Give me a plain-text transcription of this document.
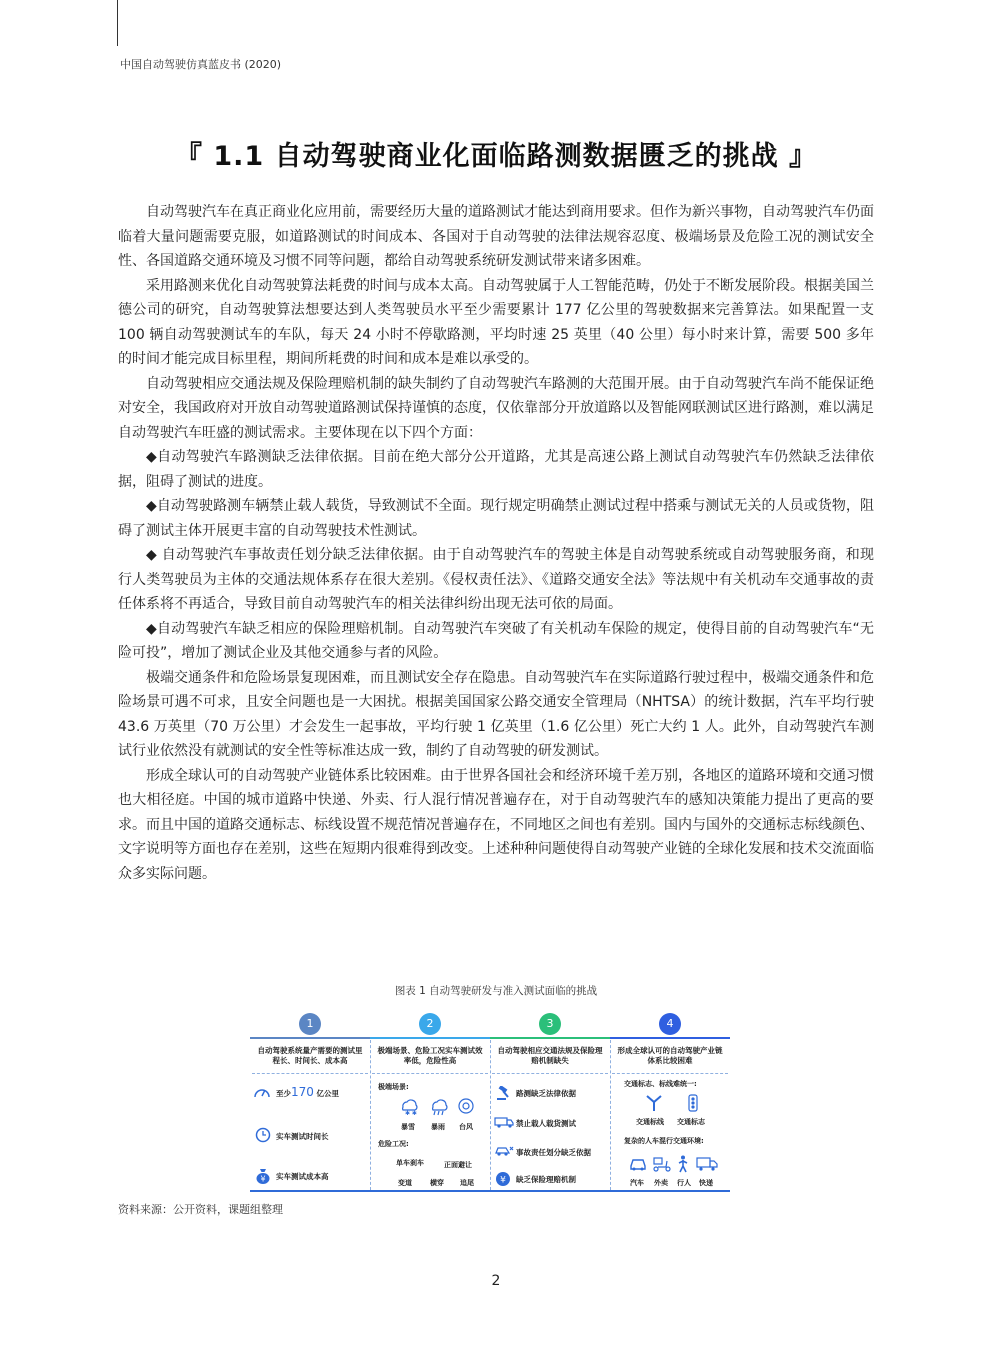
中国自动驾驶仿真蓝皮书 (2020)
『 1.1 自动驾驶商业化面临路测数据匮乏的挑战 』

自动驾驶汽车在真正商业化应用前，需要经历大量的道路测试才能达到商用要求。但作为新兴事物，自动驾驶汽车仍面临着大量问题需要克服，如道路测试的时间成本、各国对于自动驾驶的法律法规容忍度、极端场景及危险工况的测试安全性、各国道路交通环境及习惯不同等问题，都给自动驾驶系统研发测试带来诸多困难。

采用路测来优化自动驾驶算法耗费的时间与成本太高。自动驾驶属于人工智能范畴，仍处于不断发展阶段。根据美国兰德公司的研究，自动驾驶算法想要达到人类驾驶员水平至少需要累计 177 亿公里的驾驶数据来完善算法。如果配置一支 100 辆自动驾驶测试车的车队，每天 24 小时不停歇路测，平均时速 25 英里（40 公里）每小时来计算，需要 500 多年的时间才能完成目标里程，期间所耗费的时间和成本是难以承受的。

自动驾驶相应交通法规及保险理赔机制的缺失制约了自动驾驶汽车路测的大范围开展。由于自动驾驶汽车尚不能保证绝对安全，我国政府对开放自动驾驶道路测试保持谨慎的态度，仅依靠部分开放道路以及智能网联测试区进行路测，难以满足自动驾驶汽车旺盛的测试需求。主要体现在以下四个方面：

◆自动驾驶汽车路测缺乏法律依据。目前在绝大部分公开道路，尤其是高速公路上测试自动驾驶汽车仍然缺乏法律依据，阻碍了测试的进度。

◆自动驾驶路测车辆禁止载人载货，导致测试不全面。现行规定明确禁止测试过程中搭乘与测试无关的人员或货物，阻碍了测试主体开展更丰富的自动驾驶技术性测试。

◆ 自动驾驶汽车事故责任划分缺乏法律依据。由于自动驾驶汽车的驾驶主体是自动驾驶系统或自动驾驶服务商，和现行人类驾驶员为主体的交通法规体系存在很大差别。《侵权责任法》、《道路交通安全法》等法规中有关机动车交通事故的责任体系将不再适合，导致目前自动驾驶汽车的相关法律纠纷出现无法可依的局面。

◆自动驾驶汽车缺乏相应的保险理赔机制。自动驾驶汽车突破了有关机动车保险的规定，使得目前的自动驾驶汽车“无险可投”，增加了测试企业及其他交通参与者的风险。

极端交通条件和危险场景复现困难，而且测试安全存在隐患。自动驾驶汽车在实际道路行驶过程中，极端交通条件和危险场景可遇不可求，且安全问题也是一大困扰。根据美国国家公路交通安全管理局（NHTSA）的统计数据，汽车平均行驶 43.6 万英里（70 万公里）才会发生一起事故，平均行驶 1 亿英里（1.6 亿公里）死亡大约 1 人。此外，自动驾驶汽车测试行业依然没有就测试的安全性等标准达成一致，制约了自动驾驶的研发测试。

形成全球认可的自动驾驶产业链体系比较困难。由于世界各国社会和经济环境千差万别，各地区的道路环境和交通习惯也大相径庭。中国的城市道路中快递、外卖、行人混行情况普遍存在，对于自动驾驶汽车的感知决策能力提出了更高的要求。而且中国的道路交通标志、标线设置不规范情况普遍存在，不同地区之间也有差别。国内与国外的交通标志标线颜色、文字说明等方面也存在差别，这些在短期内很难得到改变。上述种种问题使得自动驾驶产业链的全球化发展和技术交流面临众多实际问题。

图表 1 自动驾驶研发与准入测试面临的挑战
1
自动驾驶系统量产需要的测试里程长、时间长、成本高
至少170 亿公里
实车测试时间长
¥ 实车测试成本高
2
极端场景、危险工况实车测试效率低，危险性高
极端场景:
✱ ✱
暴雪 暴雨 台风
危险工况:
单车刹车	正面避让
变道	横穿 追尾
3
自动驾驶相应交通法规及保险理赔机制缺失
路测缺乏法律依据
禁止载人载货测试
事故责任划分缺乏依据
¥ 缺乏保险理赔机制
4
形成全球认可的自动驾驶产业链体系比较困难
交通标志、标线难统一:
交通标线 交通标志
复杂的人车混行交通环境:
汽车 外卖 行人 快递
资料来源：公开资料，课题组整理
2
